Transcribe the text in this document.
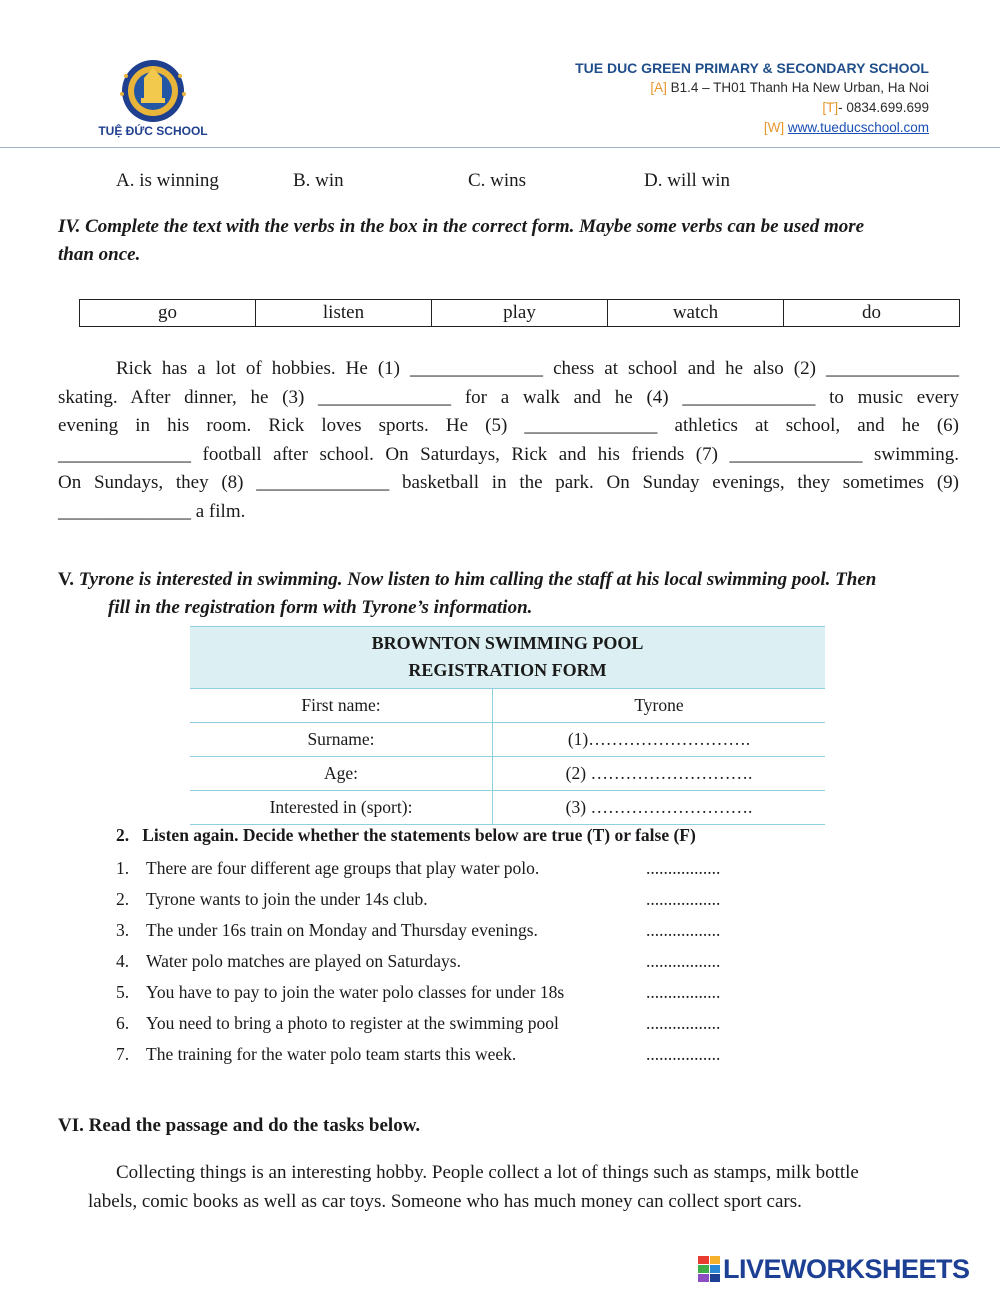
TUỆ ĐỨC SCHOOL
TUE DUC GREEN PRIMARY & SECONDARY SCHOOL
[A] B1.4 – TH01 Thanh Ha New Urban, Ha Noi
[T]- 0834.699.699
[W] www.tueducschool.com
A. is winning	B. win	C. wins	D. will win
IV. Complete the text with the verbs in the box in the correct form. Maybe some verbs can be used more
than once.
go	listen	play	watch	do
Rick has a lot of hobbies. He (1) ______________ chess at school and he also (2) ______________
skating. After dinner, he (3) ______________ for a walk and he (4) ______________ to music every
evening in his room. Rick loves sports. He (5) ______________ athletics at school, and he (6)
______________ football after school. On Saturdays, Rick and his friends (7) ______________ swimming.
On Sundays, they (8) ______________ basketball in the park. On Sunday evenings, they sometimes (9)
______________ a film.
V. Tyrone is interested in swimming. Now listen to him calling the staff at his local swimming pool. Then
fill in the registration form with Tyrone’s information.
BROWNTON SWIMMING POOL
REGISTRATION FORM
First name:	Tyrone
Surname:	(1)……………………….
Age:	(2) ……………………….
Interested in (sport):	(3) ……………………….
2.   Listen again. Decide whether the statements below are true (T) or false (F)
1. There are four different age groups that play water polo.	.................
2. Tyrone wants to join the under 14s club.	.................
3. The under 16s train on Monday and Thursday evenings.	.................
4. Water polo matches are played on Saturdays.	.................
5. You have to pay to join the water polo classes for under 18s	.................
6. You need to bring a photo to register at the swimming pool	.................
7. The training for the water polo team starts this week.	.................
VI. Read the passage and do the tasks below.
Collecting things is an interesting hobby. People collect a lot of things such as stamps, milk bottle
labels, comic books as well as car toys. Someone who has much money can collect sport cars.
LIVEWORKSHEETS
